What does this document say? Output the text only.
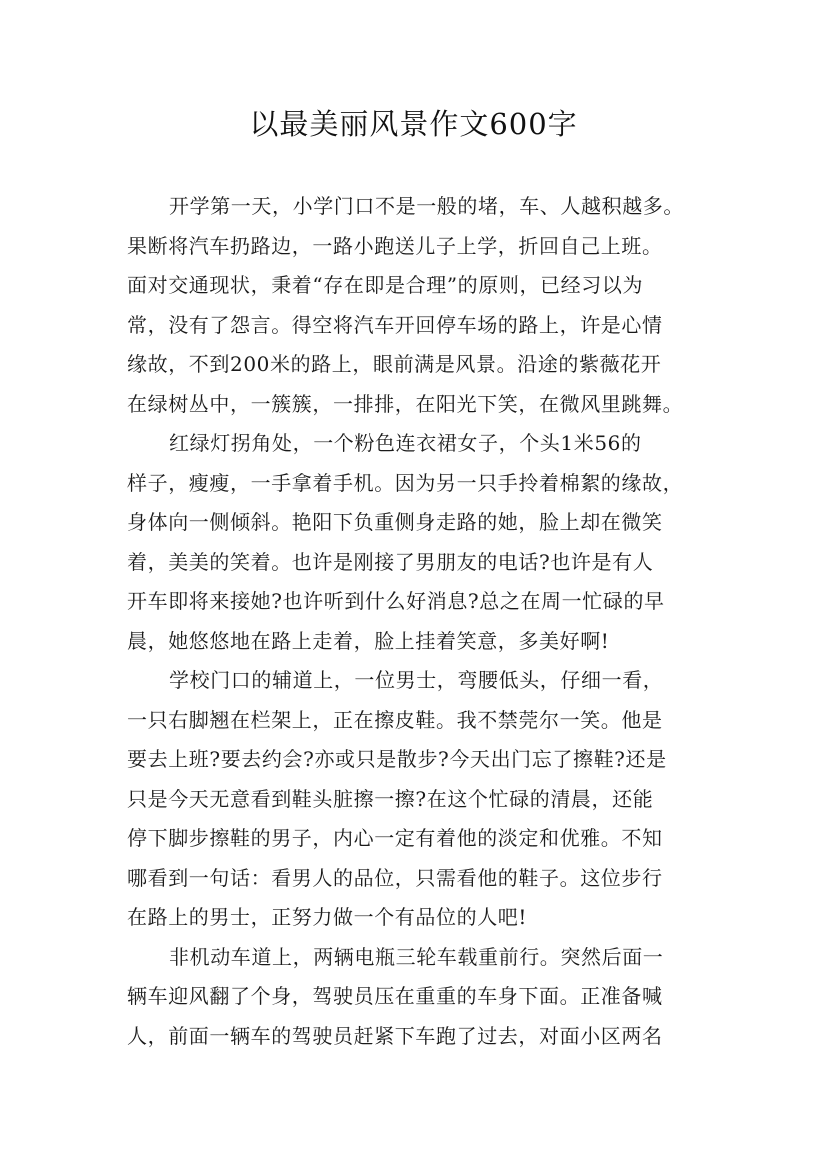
以最美丽风景作文600字
开学第一天，小学门口不是一般的堵，车、人越积越多。
果断将汽车扔路边，一路小跑送儿子上学，折回自己上班。
面对交通现状，秉着“存在即是合理”的原则，已经习以为
常，没有了怨言。得空将汽车开回停车场的路上，许是心情
缘故，不到200米的路上，眼前满是风景。沿途的紫薇花开
在绿树丛中，一簇簇，一排排，在阳光下笑，在微风里跳舞。
红绿灯拐角处，一个粉色连衣裙女子，个头1米56的
样子，瘦瘦，一手拿着手机。因为另一只手拎着棉絮的缘故，
身体向一侧倾斜。艳阳下负重侧身走路的她，脸上却在微笑
着，美美的笑着。也许是刚接了男朋友的电话?也许是有人
开车即将来接她?也许听到什么好消息?总之在周一忙碌的早
晨，她悠悠地在路上走着，脸上挂着笑意，多美好啊!
学校门口的辅道上，一位男士，弯腰低头，仔细一看，
一只右脚翘在栏架上，正在擦皮鞋。我不禁莞尔一笑。他是
要去上班?要去约会?亦或只是散步?今天出门忘了擦鞋?还是
只是今天无意看到鞋头脏擦一擦?在这个忙碌的清晨，还能
停下脚步擦鞋的男子，内心一定有着他的淡定和优雅。不知
哪看到一句话：看男人的品位，只需看他的鞋子。这位步行
在路上的男士，正努力做一个有品位的人吧!
非机动车道上，两辆电瓶三轮车载重前行。突然后面一
辆车迎风翻了个身，驾驶员压在重重的车身下面。正准备喊
人，前面一辆车的驾驶员赶紧下车跑了过去，对面小区两名
